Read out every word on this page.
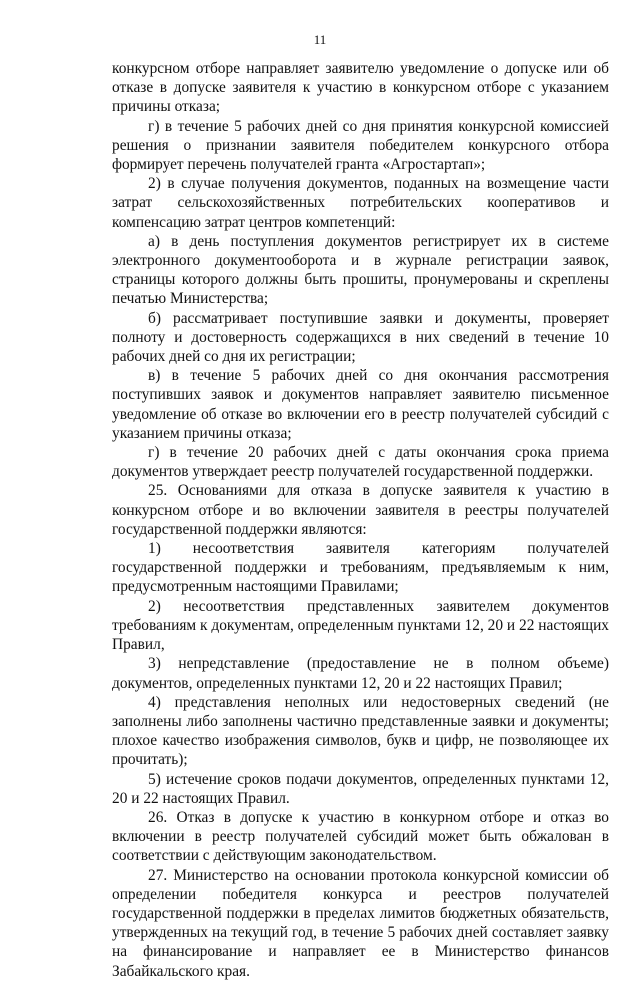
11

конкурсном отборе направляет заявителю уведомление о допуске или об отказе в допуске заявителя к участию в конкурсном отборе с указанием причины отказа;

г) в течение 5 рабочих дней со дня принятия конкурсной комиссией решения о признании заявителя победителем конкурсного отбора формирует перечень получателей гранта «Агростартап»;

2) в случае получения документов, поданных на возмещение части затрат сельскохозяйственных потребительских кооперативов и компенсацию затрат центров компетенций:

а) в день поступления документов регистрирует их в системе электронного документооборота и в журнале регистрации заявок, страницы которого должны быть прошиты, пронумерованы и скреплены печатью Министерства;

б) рассматривает поступившие заявки и документы, проверяет полноту и достоверность содержащихся в них сведений в течение 10 рабочих дней со дня их регистрации;

в) в течение 5 рабочих дней со дня окончания рассмотрения поступивших заявок и документов направляет заявителю письменное уведомление об отказе во включении его в реестр получателей субсидий с указанием причины отказа;

г) в течение 20 рабочих дней с даты окончания срока приема документов утверждает реестр получателей государственной поддержки.

25. Основаниями для отказа в допуске заявителя к участию в конкурсном отборе и во включении заявителя в реестры получателей государственной поддержки являются:

1) несоответствия заявителя категориям получателей государственной поддержки и требованиям, предъявляемым к ним, предусмотренным настоящими Правилами;

2) несоответствия представленных заявителем документов требованиям к документам, определенным пунктами 12, 20 и 22 настоящих Правил,

3) непредставление (предоставление не в полном объеме) документов, определенных пунктами 12, 20 и 22 настоящих Правил;

4) представления неполных или недостоверных сведений (не заполнены либо заполнены частично представленные заявки и документы; плохое качество изображения символов, букв и цифр, не позволяющее их прочитать);

5) истечение сроков подачи документов, определенных пунктами 12, 20 и 22 настоящих Правил.

26. Отказ в допуске к участию в конкурном отборе и отказ во включении в реестр получателей субсидий может быть обжалован в соответствии с действующим законодательством.

27. Министерство на основании протокола конкурсной комиссии об определении победителя конкурса и реестров получателей государственной поддержки в пределах лимитов бюджетных обязательств, утвержденных на текущий год, в течение 5 рабочих дней составляет заявку на финансирование и направляет ее в Министерство финансов Забайкальского края.
